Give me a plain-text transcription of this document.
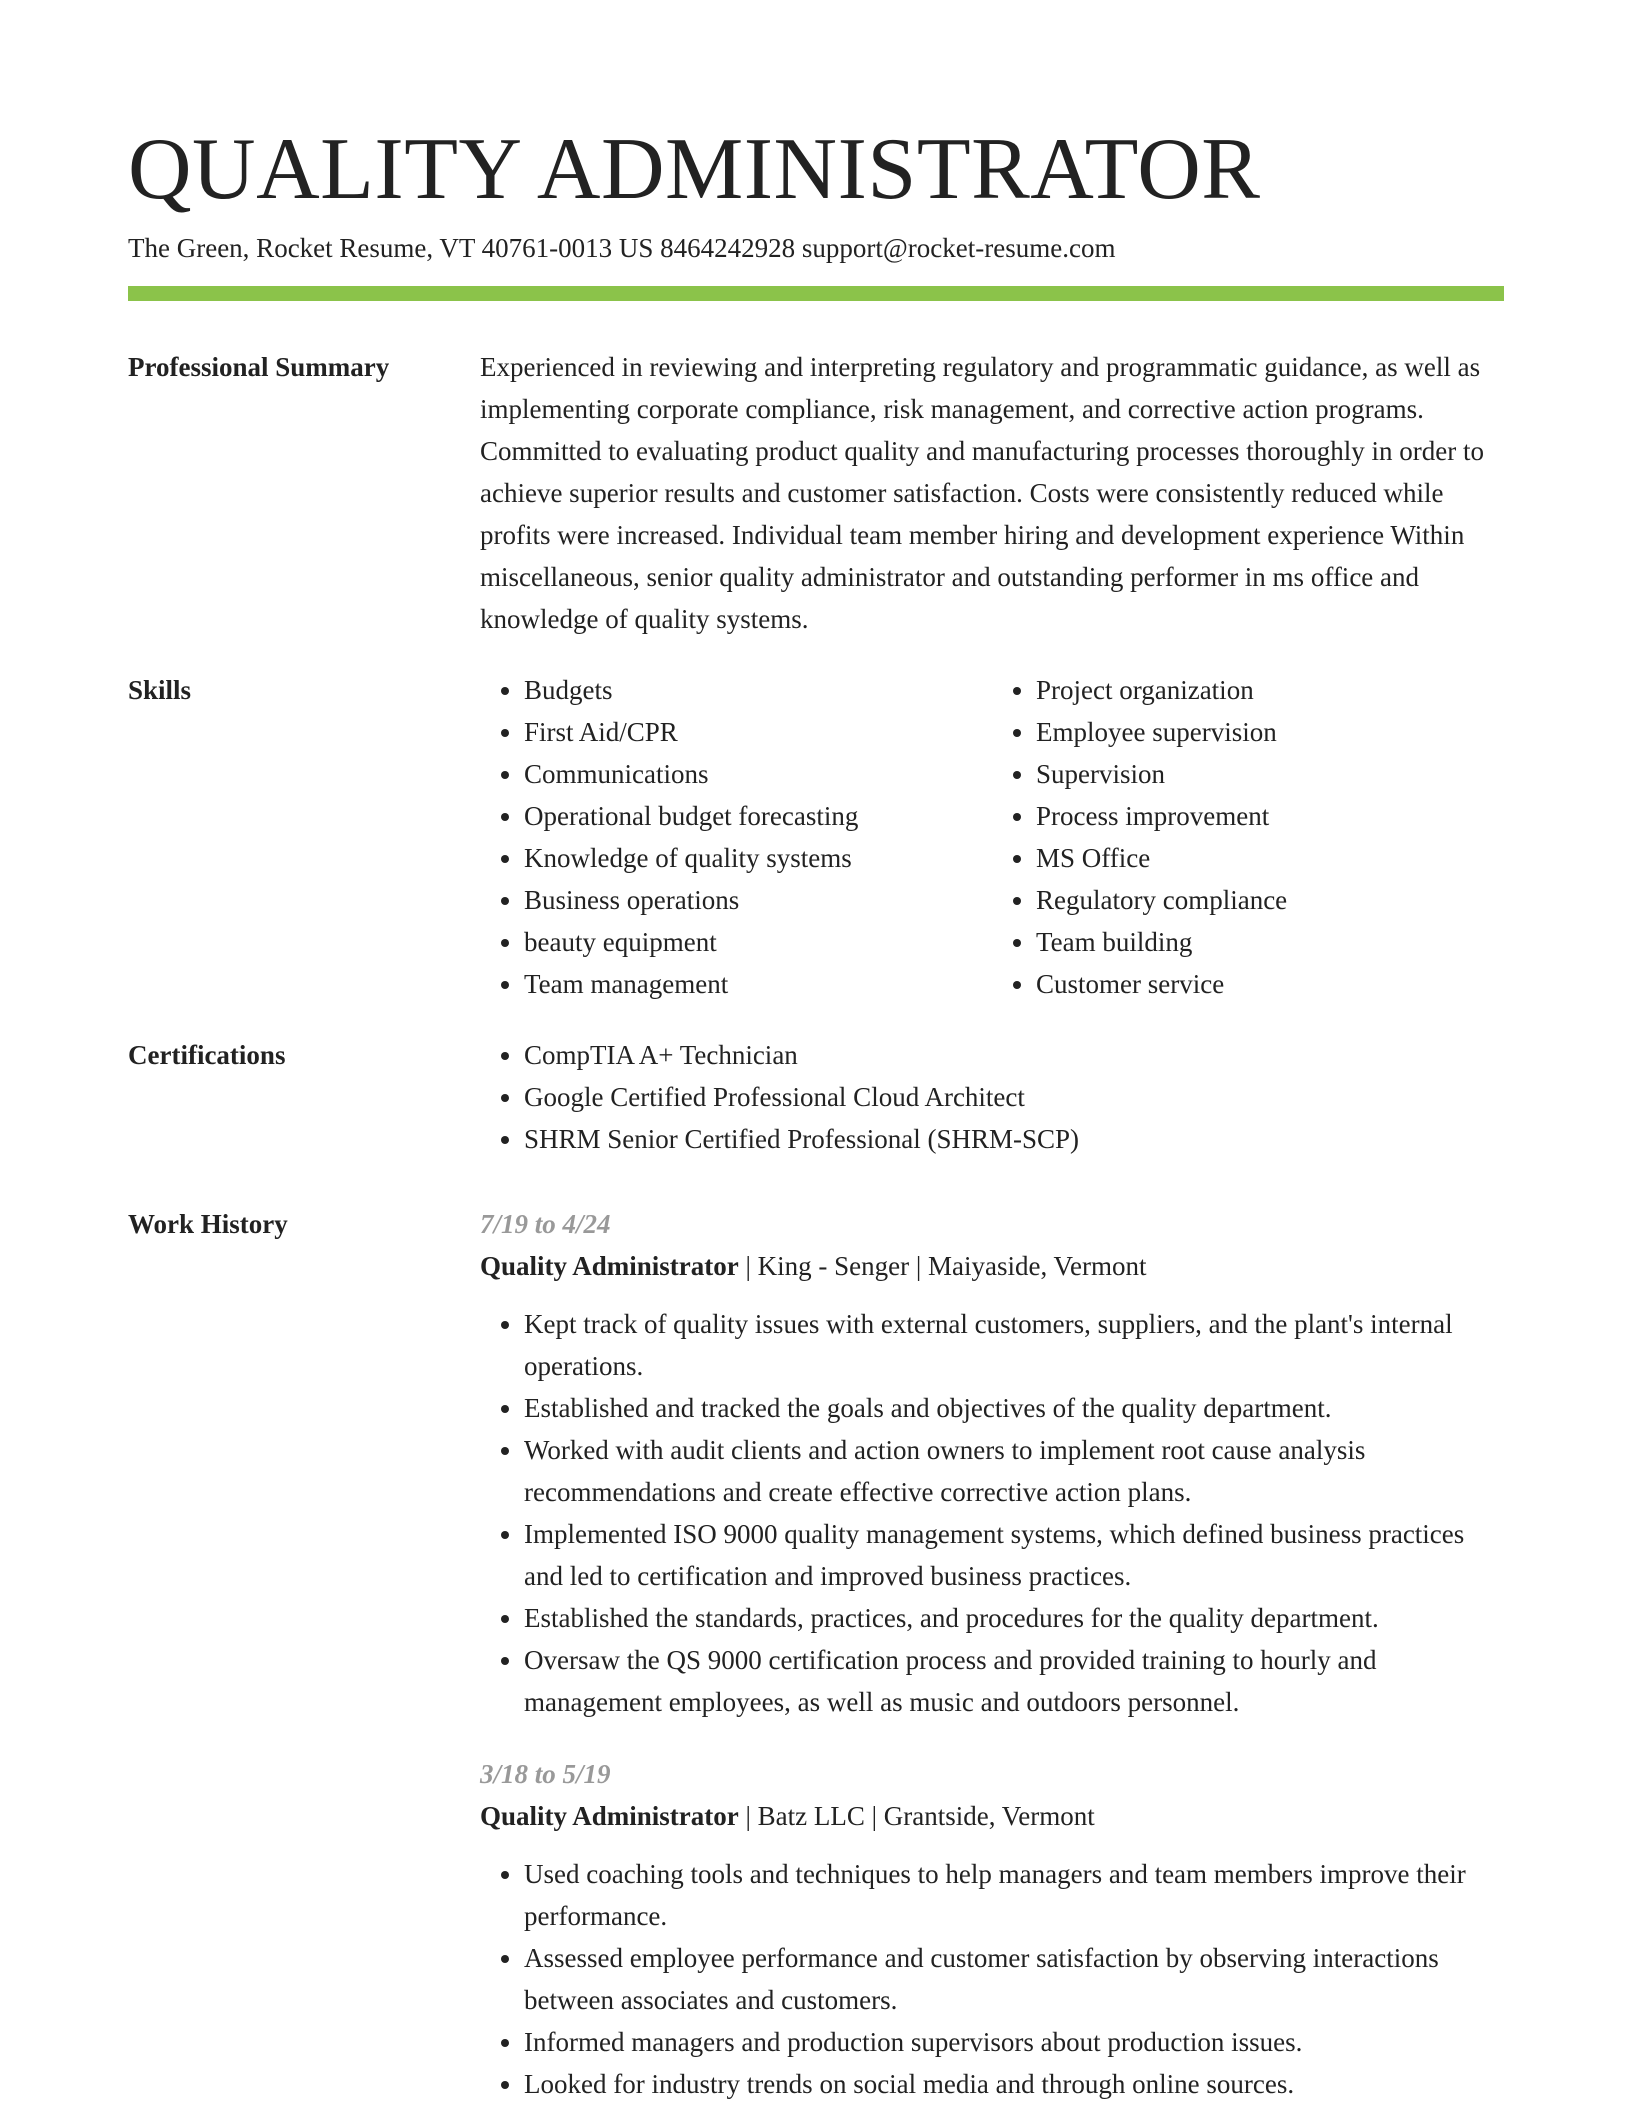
QUALITY ADMINISTRATOR
The Green, Rocket Resume, VT 40761-0013 US 8464242928 support@rocket-resume.com
Professional Summary	Experienced in reviewing and interpreting regulatory and programmatic guidance, as well as implementing corporate compliance, risk management, and corrective action programs. Committed to evaluating product quality and manufacturing processes thoroughly in order to achieve superior results and customer satisfaction. Costs were consistently reduced while profits were increased. Individual team member hiring and development experience Within miscellaneous, senior quality administrator and outstanding performer in ms office and knowledge of quality systems.

Skills	• Budgets
• First Aid/CPR
• Communications
• Operational budget forecasting
• Knowledge of quality systems
• Business operations
• beauty equipment
• Team management
• Project organization
• Employee supervision
• Supervision
• Process improvement
• MS Office
• Regulatory compliance
• Team building
• Customer service
Certifications	• CompTIA A+ Technician
• Google Certified Professional Cloud Architect
• SHRM Senior Certified Professional (SHRM-SCP)
Work History	7/19 to 4/24
Quality Administrator | King - Senger | Maiyaside, Vermont
• Kept track of quality issues with external customers, suppliers, and the plant's internal operations.
• Established and tracked the goals and objectives of the quality department.
• Worked with audit clients and action owners to implement root cause analysis recommendations and create effective corrective action plans.
• Implemented ISO 9000 quality management systems, which defined business practices and led to certification and improved business practices.
• Established the standards, practices, and procedures for the quality department.
• Oversaw the QS 9000 certification process and provided training to hourly and management employees, as well as music and outdoors personnel.
3/18 to 5/19
Quality Administrator | Batz LLC | Grantside, Vermont
• Used coaching tools and techniques to help managers and team members improve their performance.
• Assessed employee performance and customer satisfaction by observing interactions between associates and customers.
• Informed managers and production supervisors about production issues.
• Looked for industry trends on social media and through online sources.
